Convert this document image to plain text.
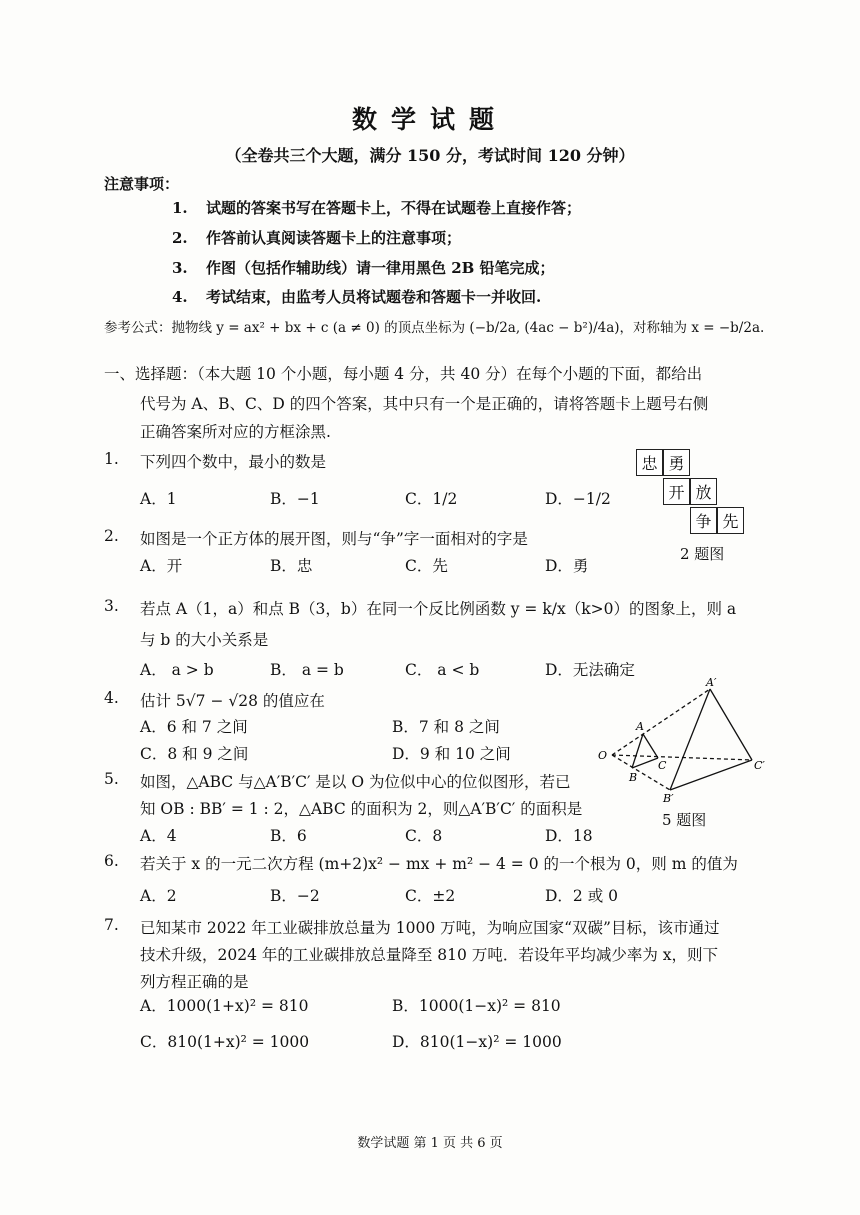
数学试题
（全卷共三个大题，满分 150 分，考试时间 120 分钟）
注意事项：
1. 试题的答案书写在答题卡上，不得在试题卷上直接作答；
2. 作答前认真阅读答题卡上的注意事项；
3. 作图（包括作辅助线）请一律用黑色 2B 铅笔完成；
4. 考试结束，由监考人员将试题卷和答题卡一并收回.
参考公式：抛物线 y = ax² + bx + c (a ≠ 0) 的顶点坐标为 (−b/2a, (4ac − b²)/4a)，对称轴为 x = −b/2a.
一、选择题：（本大题 10 个小题，每小题 4 分，共 40 分）在每个小题的下面，都给出
代号为 A、B、C、D 的四个答案，其中只有一个是正确的，请将答题卡上题号右侧
正确答案所对应的方框涂黑.
1. 下列四个数中，最小的数是
A．1	B．−1	C．1/2	D．−1/2
忠 勇
开 放
争 先
2 题图
2. 如图是一个正方体的展开图，则与“争”字一面相对的字是
A．开	B．忠	C．先	D．勇
3. 若点 A（1，a）和点 B（3，b）在同一个反比例函数 y = k/x（k>0）的图象上，则 a
与 b 的大小关系是
A． a > b	B． a = b	C． a < b	D．无法确定
4. 估计 5√7 − √28 的值应在
A．6 和 7 之间	B．7 和 8 之间
C．8 和 9 之间	D．9 和 10 之间
A′
A
O
C
B
C′
B′
5 题图
5. 如图，△ABC 与△A′B′C′ 是以 O 为位似中心的位似图形，若已
知 OB : BB′ = 1 : 2，△ABC 的面积为 2，则△A′B′C′ 的面积是
A．4	B．6	C．8	D．18
6. 若关于 x 的一元二次方程 (m+2)x² − mx + m² − 4 = 0 的一个根为 0，则 m 的值为
A．2	B．−2	C．±2	D．2 或 0
7. 已知某市 2022 年工业碳排放总量为 1000 万吨，为响应国家“双碳”目标，该市通过
技术升级，2024 年的工业碳排放总量降至 810 万吨．若设年平均减少率为 x，则下
列方程正确的是
A．1000(1+x)² = 810	B．1000(1−x)² = 810
C．810(1+x)² = 1000	D．810(1−x)² = 1000
数学试题 第 1 页 共 6 页
